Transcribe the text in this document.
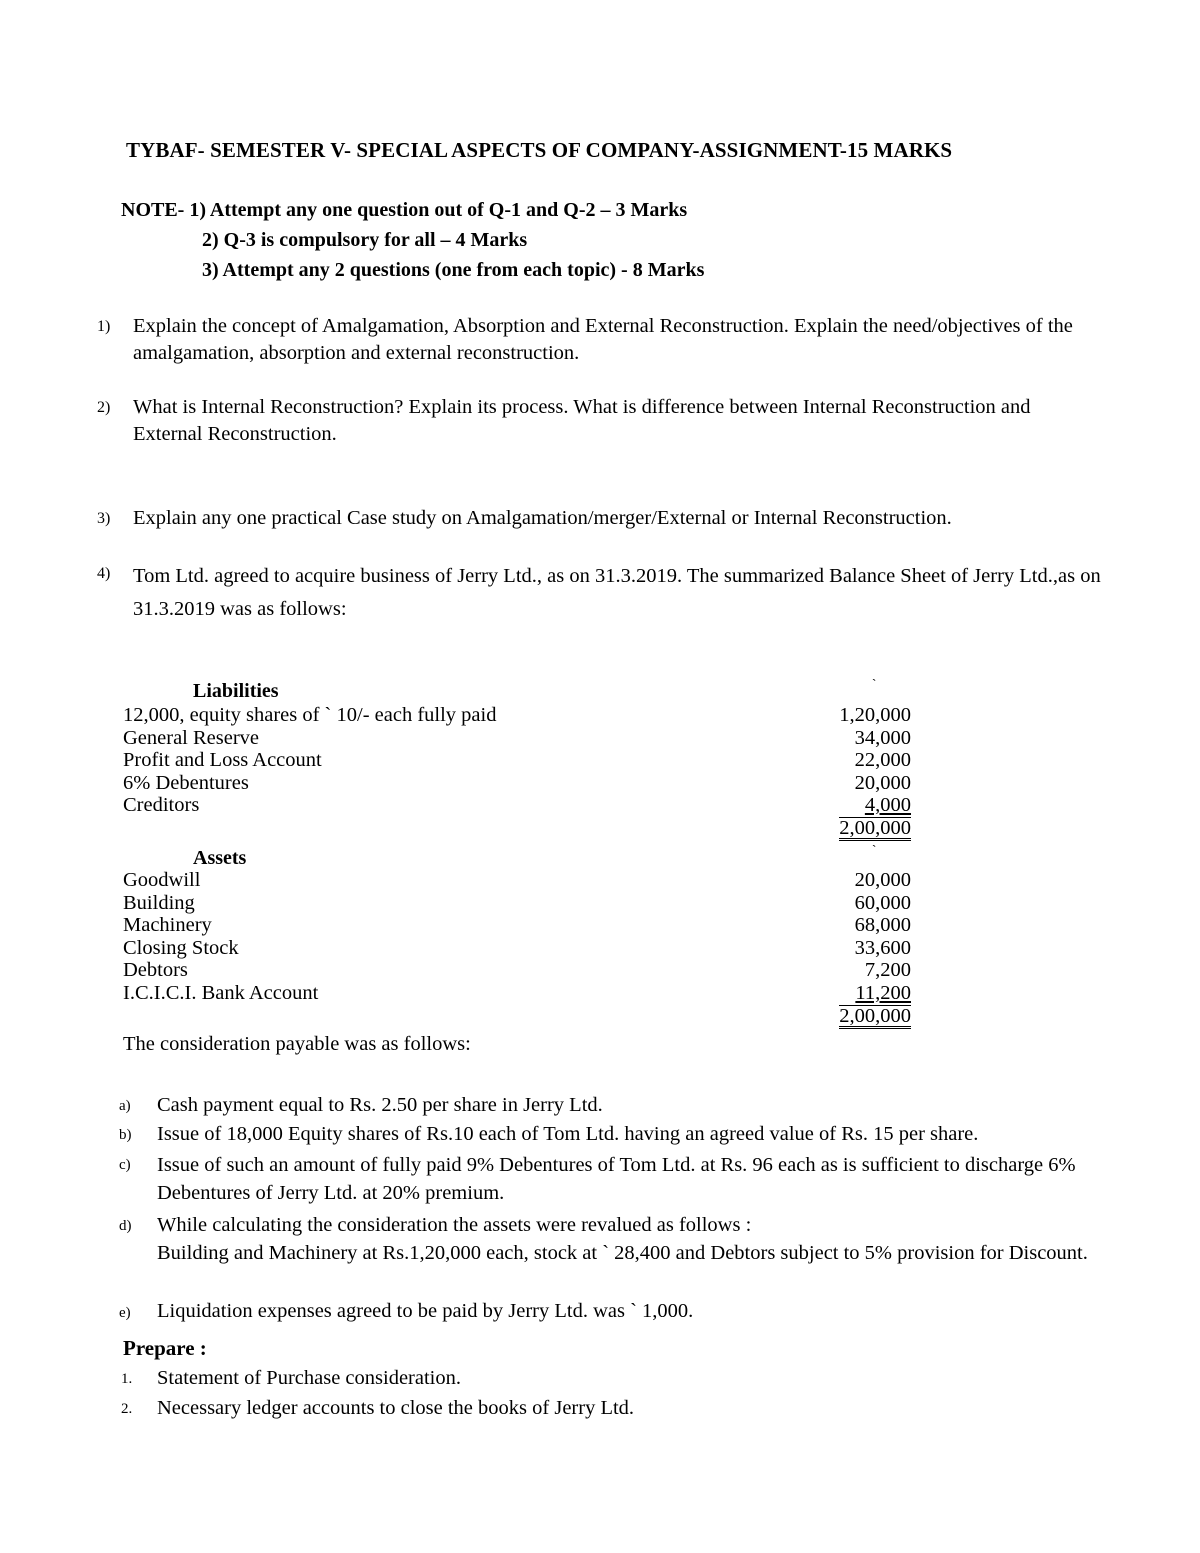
TYBAF- SEMESTER V- SPECIAL ASPECTS OF COMPANY-ASSIGNMENT-15 MARKS
NOTE- 1) Attempt any one question out of Q-1 and Q-2 – 3 Marks
2) Q-3 is compulsory for all – 4 Marks
3) Attempt any 2 questions (one from each topic) - 8 Marks
1) Explain the concept of Amalgamation, Absorption and External Reconstruction. Explain the need/objectives of the amalgamation, absorption and external reconstruction.
2) What is Internal Reconstruction? Explain its process. What is difference between Internal Reconstruction and External Reconstruction.
3) Explain any one practical Case study on Amalgamation/merger/External or Internal Reconstruction.
4) Tom Ltd. agreed to acquire business of Jerry Ltd., as on 31.3.2019. The summarized Balance Sheet of Jerry Ltd.,as on 31.3.2019 was as follows:
Liabilities	`
12,000, equity shares of ` 10/- each fully paid	1,20,000
General Reserve	34,000
Profit and Loss Account	22,000
6% Debentures	20,000
Creditors	4,000
2,00,000
Assets	`
Goodwill	20,000
Building	60,000
Machinery	68,000
Closing Stock	33,600
Debtors	7,200
I.C.I.C.I. Bank Account	11,200
2,00,000
The consideration payable was as follows:
a) Cash payment equal to Rs. 2.50 per share in Jerry Ltd.
b) Issue of 18,000 Equity shares of Rs.10 each of Tom Ltd. having an agreed value of Rs. 15 per share.
c) Issue of such an amount of fully paid 9% Debentures of Tom Ltd. at Rs. 96 each as is sufficient to discharge 6% Debentures of Jerry Ltd. at 20% premium.
d) While calculating the consideration the assets were revalued as follows :
Building and Machinery at Rs.1,20,000 each, stock at ` 28,400 and Debtors subject to 5% provision for Discount.
e) Liquidation expenses agreed to be paid by Jerry Ltd. was ` 1,000.
Prepare :
1. Statement of Purchase consideration.
2. Necessary ledger accounts to close the books of Jerry Ltd.
